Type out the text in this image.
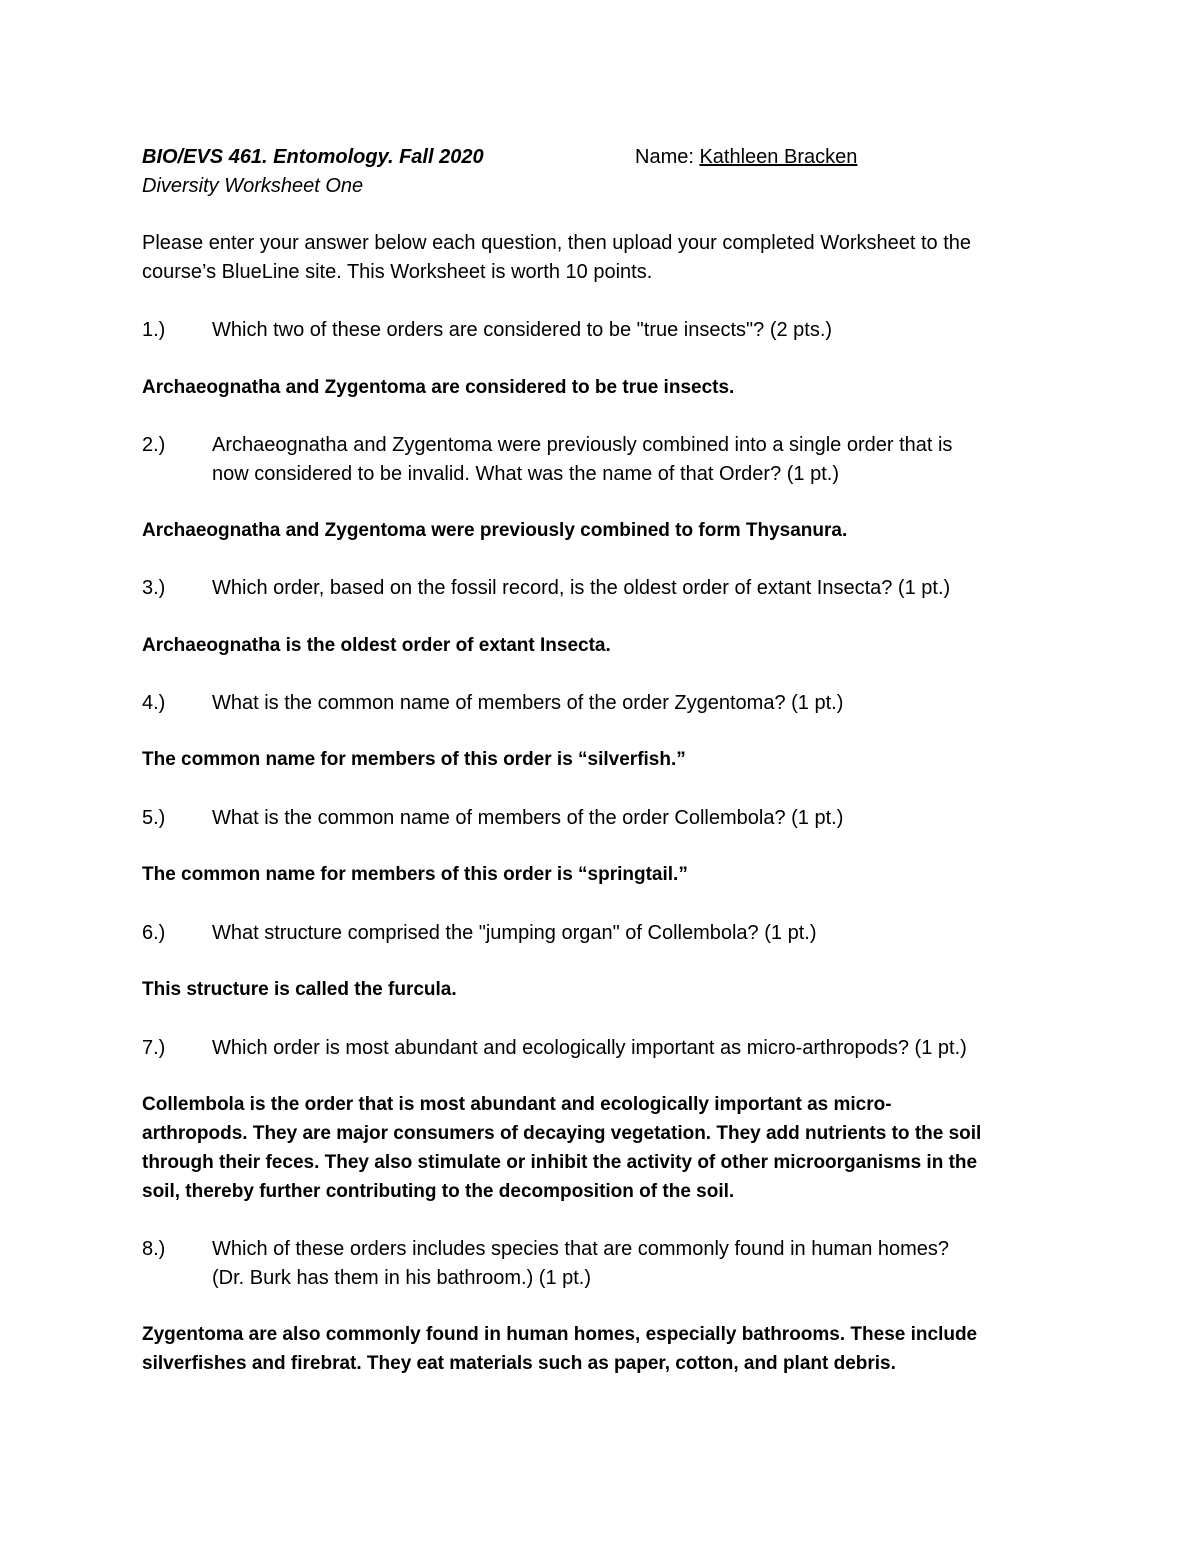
BIO/EVS 461. Entomology. Fall 2020	Name: Kathleen Bracken
Diversity Worksheet One
Please enter your answer below each question, then upload your completed Worksheet to the
course’s BlueLine site. This Worksheet is worth 10 points.
1.) Which two of these orders are considered to be "true insects"? (2 pts.)
Archaeognatha and Zygentoma are considered to be true insects.
2.) Archaeognatha and Zygentoma were previously combined into a single order that is
now considered to be invalid. What was the name of that Order? (1 pt.)
Archaeognatha and Zygentoma were previously combined to form Thysanura.
3.) Which order, based on the fossil record, is the oldest order of extant Insecta? (1 pt.)
Archaeognatha is the oldest order of extant Insecta.
4.) What is the common name of members of the order Zygentoma? (1 pt.)
The common name for members of this order is “silverfish.”
5.) What is the common name of members of the order Collembola? (1 pt.)
The common name for members of this order is “springtail.”
6.) What structure comprised the "jumping organ" of Collembola? (1 pt.)
This structure is called the furcula.
7.) Which order is most abundant and ecologically important as micro-arthropods? (1 pt.)
Collembola is the order that is most abundant and ecologically important as micro-
arthropods. They are major consumers of decaying vegetation. They add nutrients to the soil
through their feces. They also stimulate or inhibit the activity of other microorganisms in the
soil, thereby further contributing to the decomposition of the soil.
8.) Which of these orders includes species that are commonly found in human homes?
(Dr. Burk has them in his bathroom.) (1 pt.)
Zygentoma are also commonly found in human homes, especially bathrooms. These include
silverfishes and firebrat. They eat materials such as paper, cotton, and plant debris.
